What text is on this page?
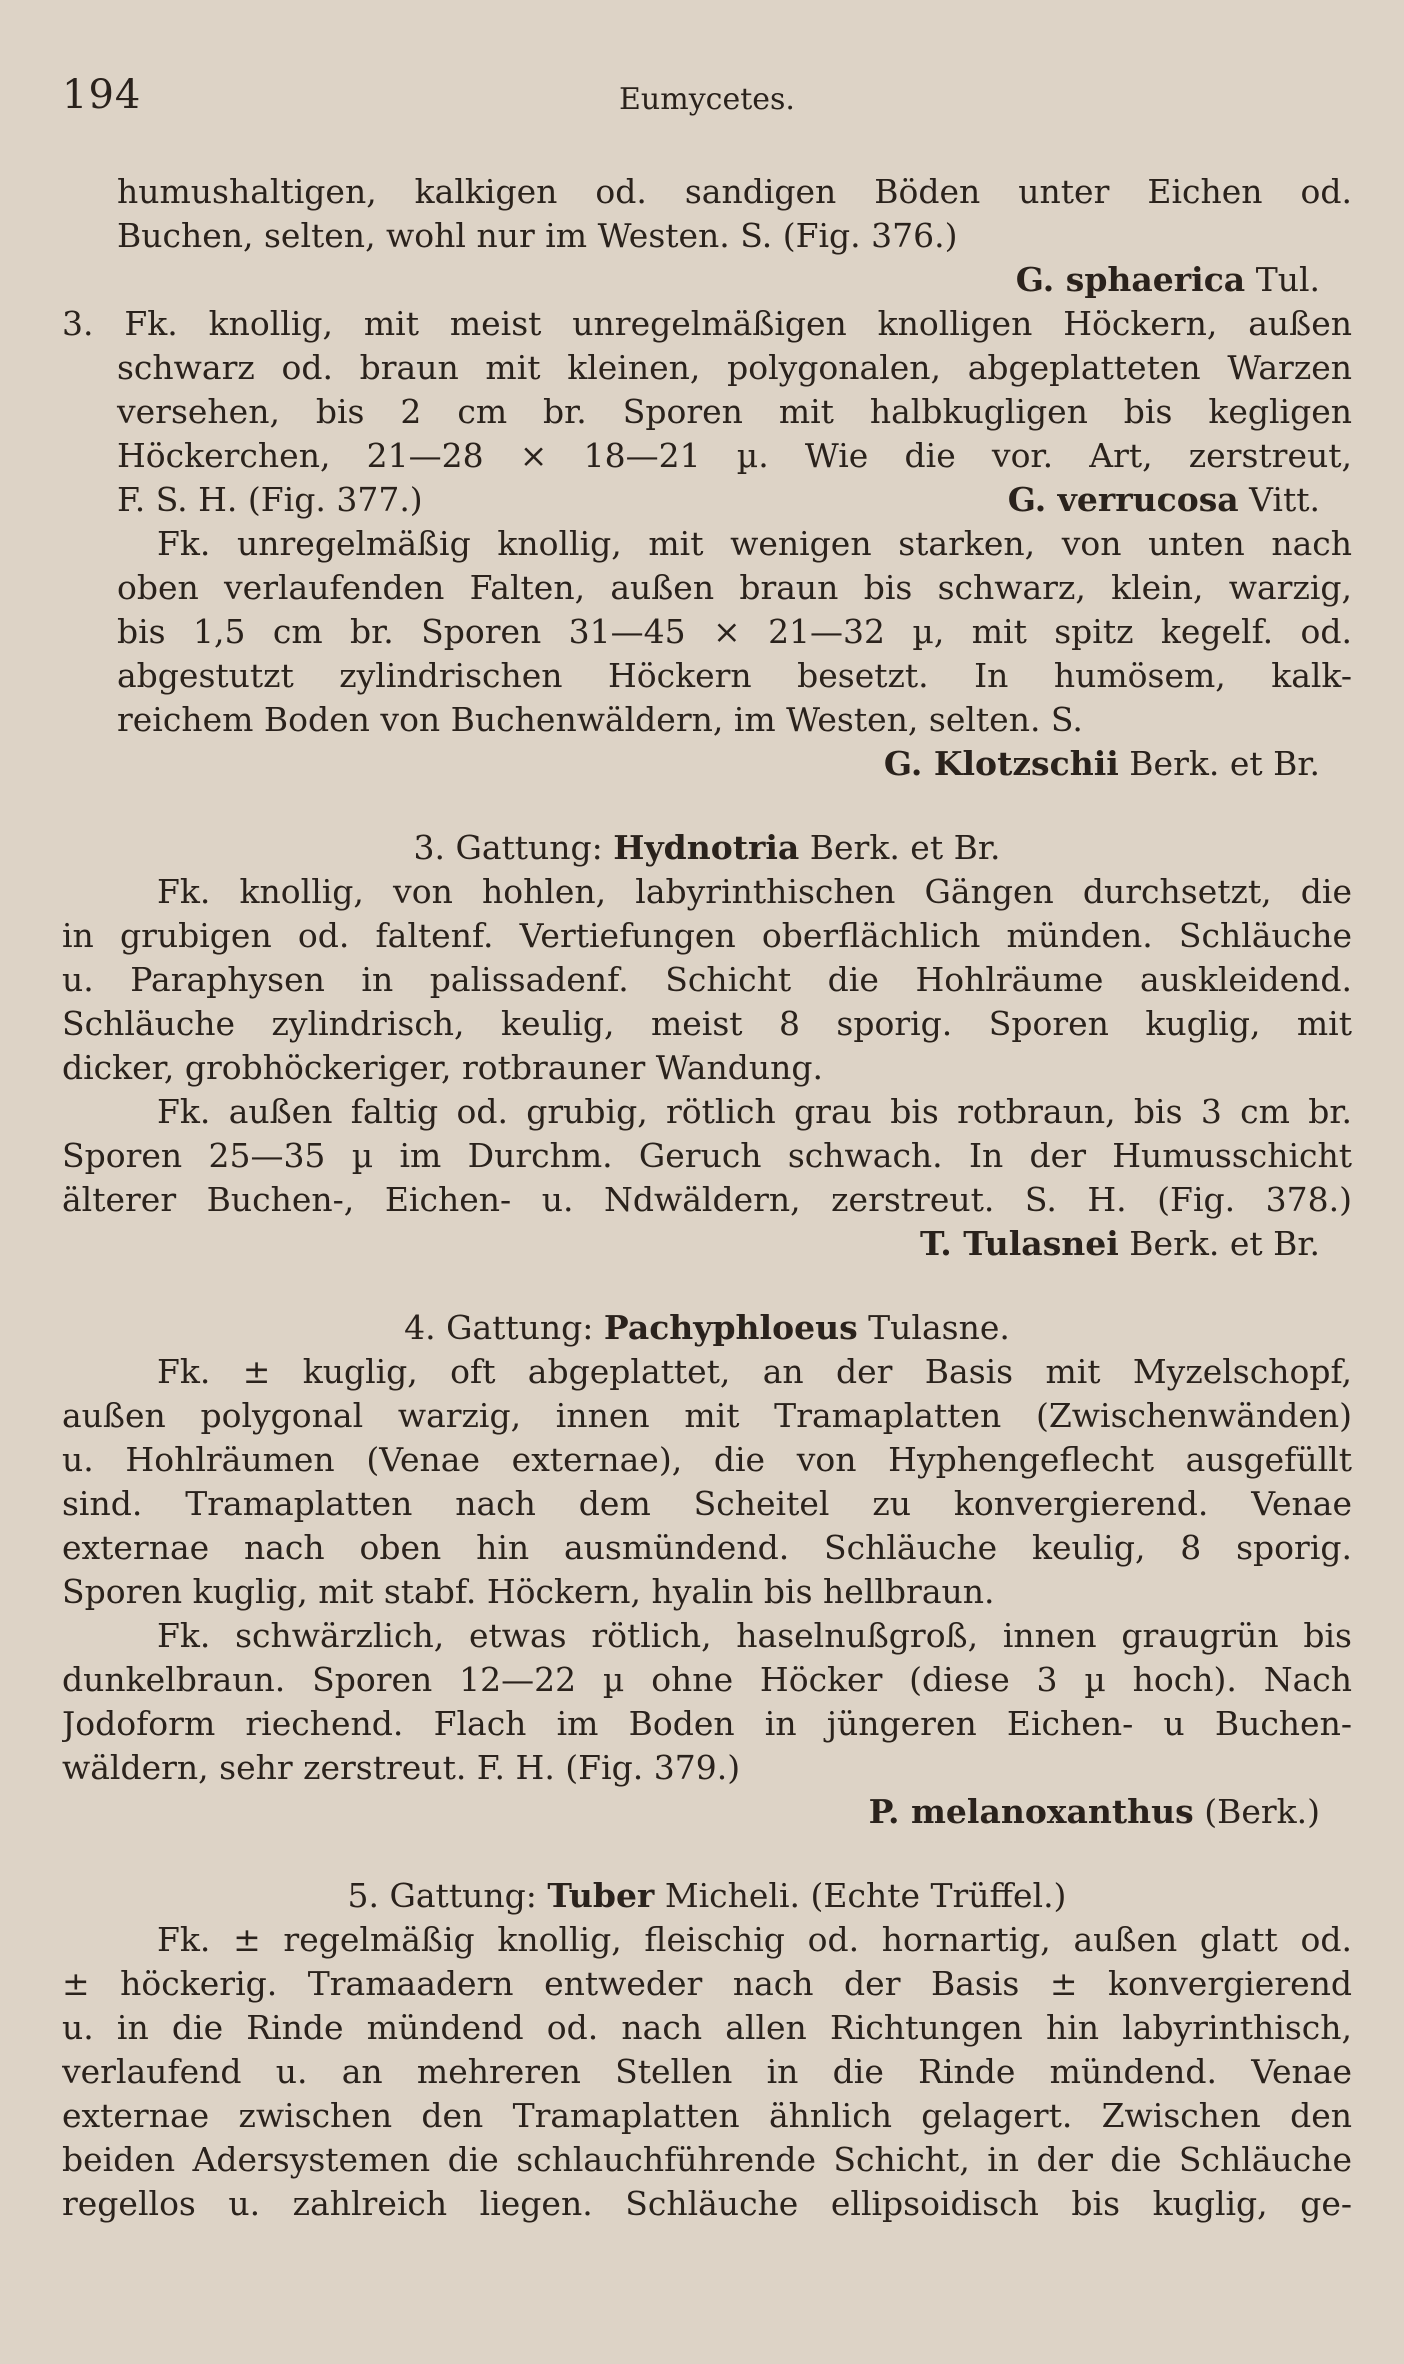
194	Eumycetes.
humushaltigen, kalkigen od. sandigen Böden unter Eichen od.
Buchen, selten, wohl nur im Westen. S. (Fig. 376.)
G. sphaerica Tul.
3. Fk. knollig, mit meist unregelmäßigen knolligen Höckern, außen
schwarz od. braun mit kleinen, polygonalen, abgeplatteten Warzen
versehen, bis 2 cm br. Sporen mit halbkugligen bis kegligen
Höckerchen, 21—28 × 18—21 µ. Wie die vor. Art, zerstreut,
F. S. H. (Fig. 377.)	G. verrucosa Vitt.
Fk. unregelmäßig knollig, mit wenigen starken, von unten nach
oben verlaufenden Falten, außen braun bis schwarz, klein, warzig,
bis 1,5 cm br. Sporen 31—45 × 21—32 µ, mit spitz kegelf. od.
abgestutzt zylindrischen Höckern besetzt. In humösem, kalk-
reichem Boden von Buchenwäldern, im Westen, selten. S.
G. Klotzschii Berk. et Br.
3. Gattung: Hydnotria Berk. et Br.
Fk. knollig, von hohlen, labyrinthischen Gängen durchsetzt, die
in grubigen od. faltenf. Vertiefungen oberflächlich münden. Schläuche
u. Paraphysen in palissadenf. Schicht die Hohlräume auskleidend.
Schläuche zylindrisch, keulig, meist 8 sporig. Sporen kuglig, mit
dicker, grobhöckeriger, rotbrauner Wandung.
Fk. außen faltig od. grubig, rötlich grau bis rotbraun, bis 3 cm br.
Sporen 25—35 µ im Durchm. Geruch schwach. In der Humusschicht
älterer Buchen-, Eichen- u. Ndwäldern, zerstreut. S. H. (Fig. 378.)
T. Tulasnei Berk. et Br.
4. Gattung: Pachyphloeus Tulasne.
Fk. ± kuglig, oft abgeplattet, an der Basis mit Myzelschopf,
außen polygonal warzig, innen mit Tramaplatten (Zwischenwänden)
u. Hohlräumen (Venae externae), die von Hyphengeflecht ausgefüllt
sind. Tramaplatten nach dem Scheitel zu konvergierend. Venae
externae nach oben hin ausmündend. Schläuche keulig, 8 sporig.
Sporen kuglig, mit stabf. Höckern, hyalin bis hellbraun.
Fk. schwärzlich, etwas rötlich, haselnußgroß, innen graugrün bis
dunkelbraun. Sporen 12—22 µ ohne Höcker (diese 3 µ hoch). Nach
Jodoform riechend. Flach im Boden in jüngeren Eichen- u Buchen-
wäldern, sehr zerstreut. F. H. (Fig. 379.)
P. melanoxanthus (Berk.)
5. Gattung: Tuber Micheli. (Echte Trüffel.)
Fk. ± regelmäßig knollig, fleischig od. hornartig, außen glatt od.
± höckerig. Tramaadern entweder nach der Basis ± konvergierend
u. in die Rinde mündend od. nach allen Richtungen hin labyrinthisch,
verlaufend u. an mehreren Stellen in die Rinde mündend. Venae
externae zwischen den Tramaplatten ähnlich gelagert. Zwischen den
beiden Adersystemen die schlauchführende Schicht, in der die Schläuche
regellos u. zahlreich liegen. Schläuche ellipsoidisch bis kuglig, ge-
